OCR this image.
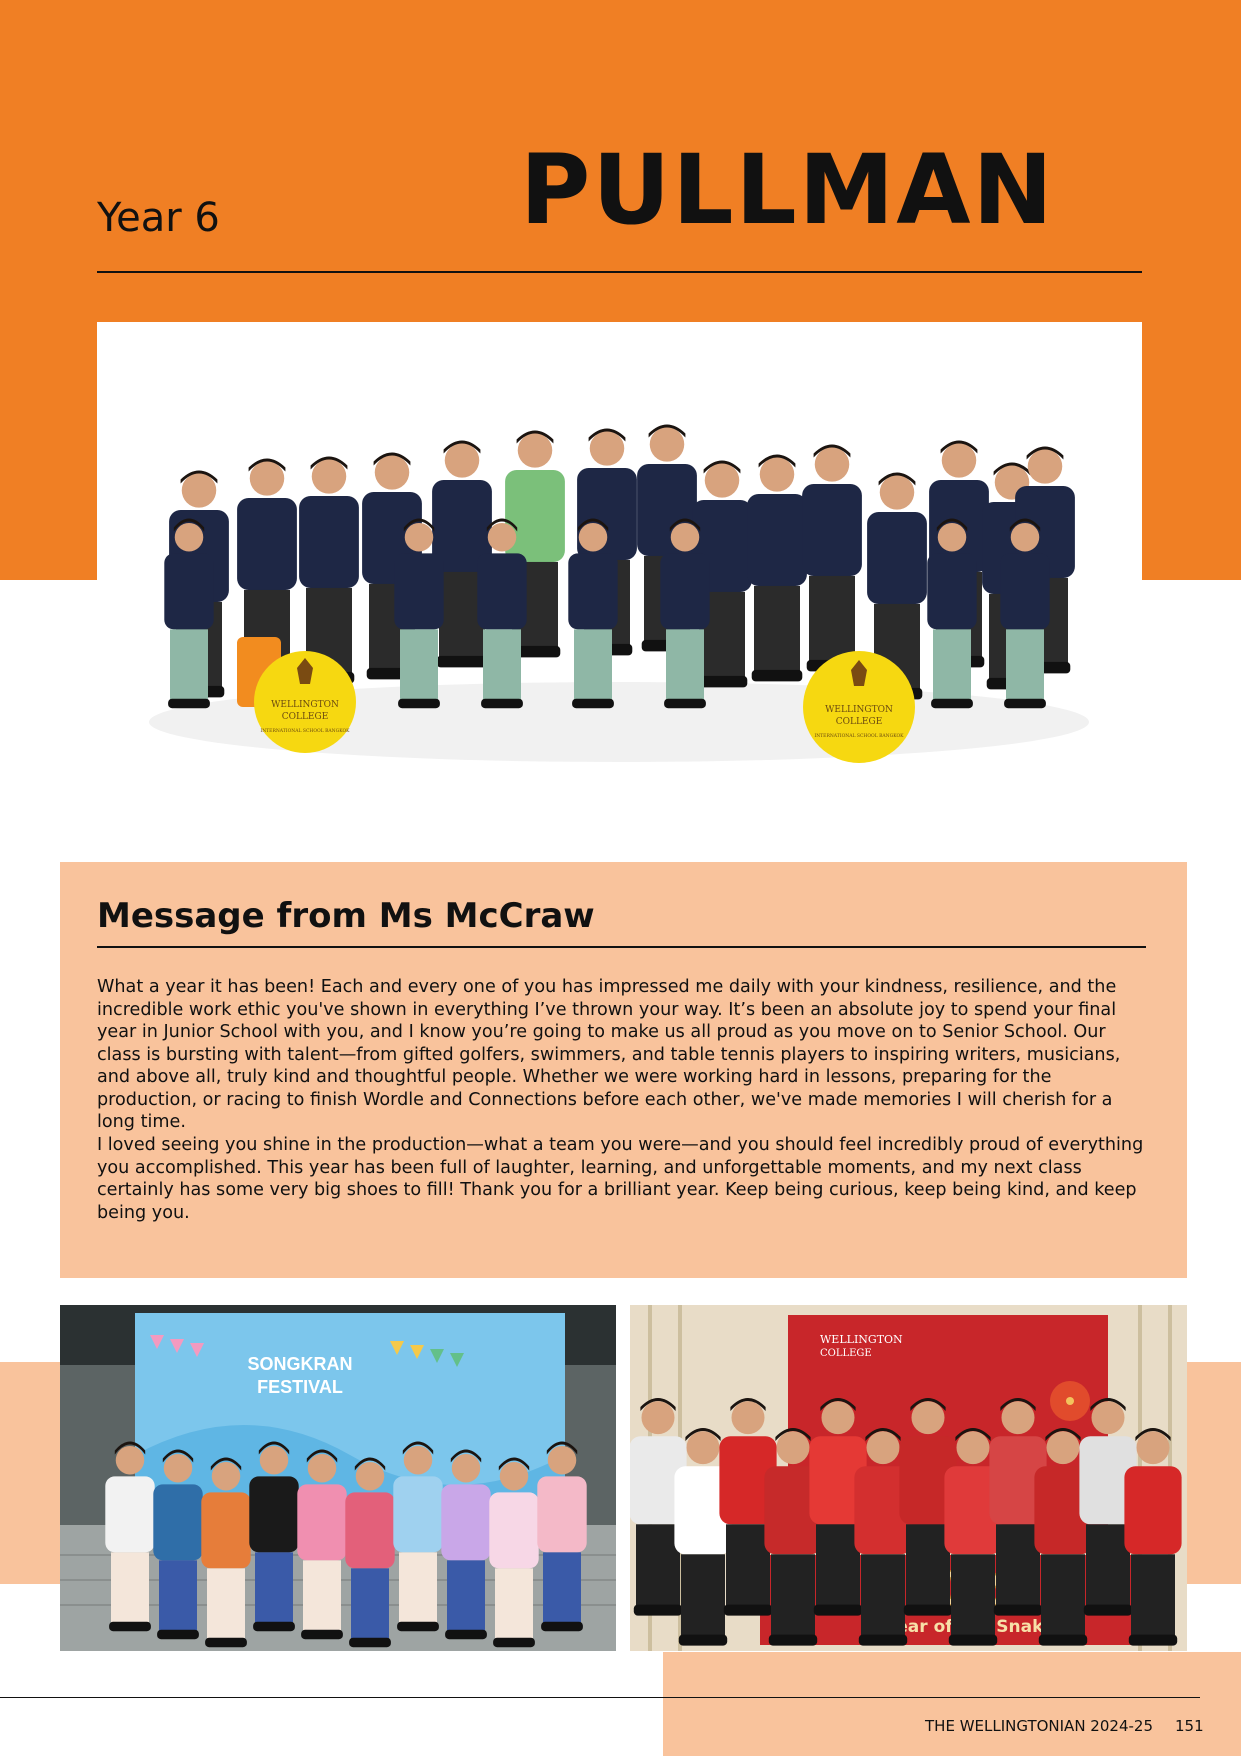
Year 6	PULLMAN
WELLINGTON
COLLEGE
INTERNATIONAL SCHOOL BANGKOK
WELLINGTON
COLLEGE
INTERNATIONAL SCHOOL BANGKOK
Message from Ms McCraw

What a year it has been! Each and every one of you has impressed me daily with your kindness, resilience, and the incredible work ethic you've shown in everything I’ve thrown your way. It’s been an absolute joy to spend your final year in Junior School with you, and I know you’re going to make us all proud as you move on to Senior School. Our class is bursting with talent—from gifted golfers, swimmers, and table tennis players to inspiring writers, musicians, and above all, truly kind and thoughtful people. Whether we were working hard in lessons, preparing for the production, or racing to finish Wordle and Connections before each other, we've made memories I will cherish for a long time.

I loved seeing you shine in the production—what a team you were—and you should feel incredibly proud of everything you accomplished. This year has been full of laughter, learning, and unforgettable moments, and my next class certainly has some very big shoes to fill! Thank you for a brilliant year. Keep being curious, keep being kind, and keep being you.

SONGKRAN
FESTIVAL
WELLINGTON
COLLEGE
Year of Snake
THE WELLINGTONIAN 2024-25 151
